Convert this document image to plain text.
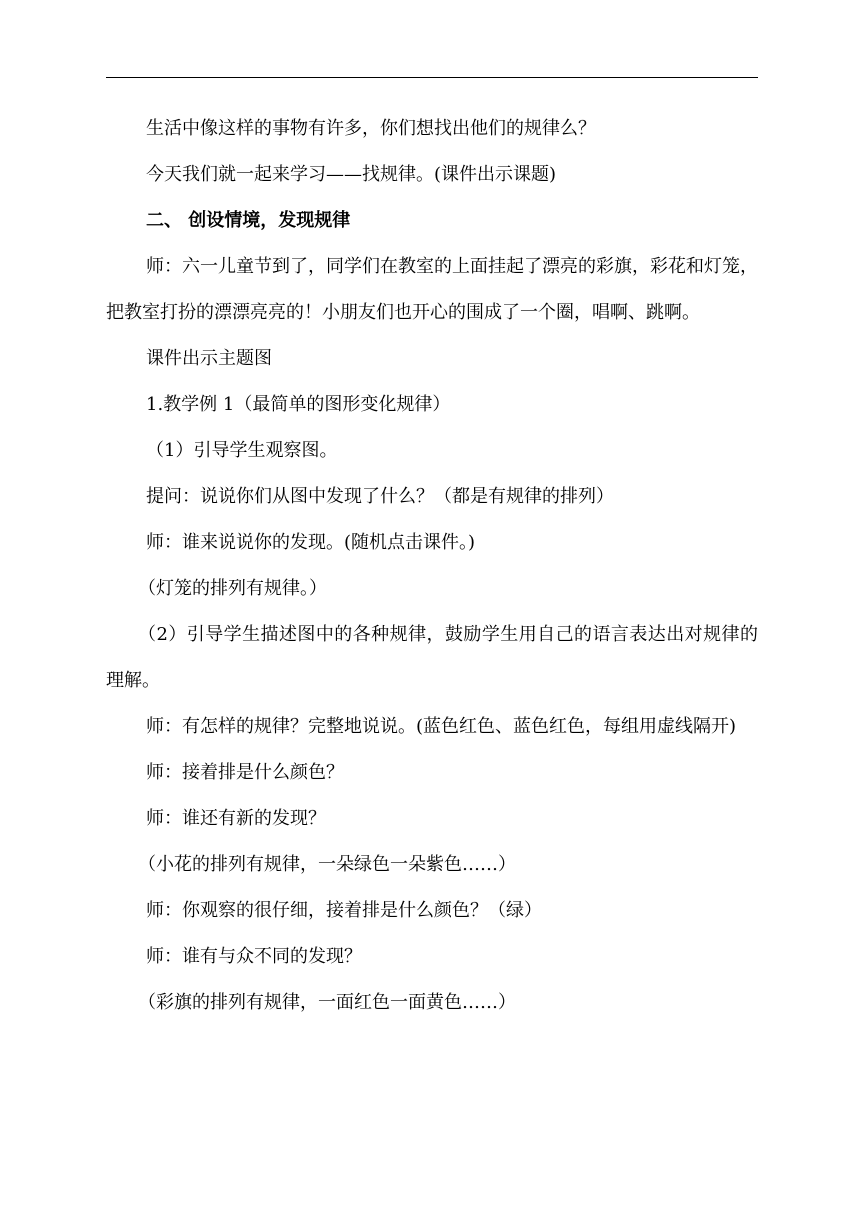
生活中像这样的事物有许多，你们想找出他们的规律么？

今天我们就一起来学习——找规律。(课件出示课题)

二、 创设情境，发现规律

师：六一儿童节到了，同学们在教室的上面挂起了漂亮的彩旗，彩花和灯笼，把教室打扮的漂漂亮亮的！小朋友们也开心的围成了一个圈，唱啊、跳啊。

课件出示主题图

1.教学例 1（最简单的图形变化规律）

（1）引导学生观察图。

提问：说说你们从图中发现了什么？（都是有规律的排列）

师：谁来说说你的发现。(随机点击课件。)

（灯笼的排列有规律。）

（2）引导学生描述图中的各种规律，鼓励学生用自己的语言表达出对规律的理解。

师：有怎样的规律？完整地说说。(蓝色红色、蓝色红色，每组用虚线隔开)

师：接着排是什么颜色？

师：谁还有新的发现？

（小花的排列有规律，一朵绿色一朵紫色……）

师：你观察的很仔细，接着排是什么颜色？（绿）

师：谁有与众不同的发现？

（彩旗的排列有规律，一面红色一面黄色……）
